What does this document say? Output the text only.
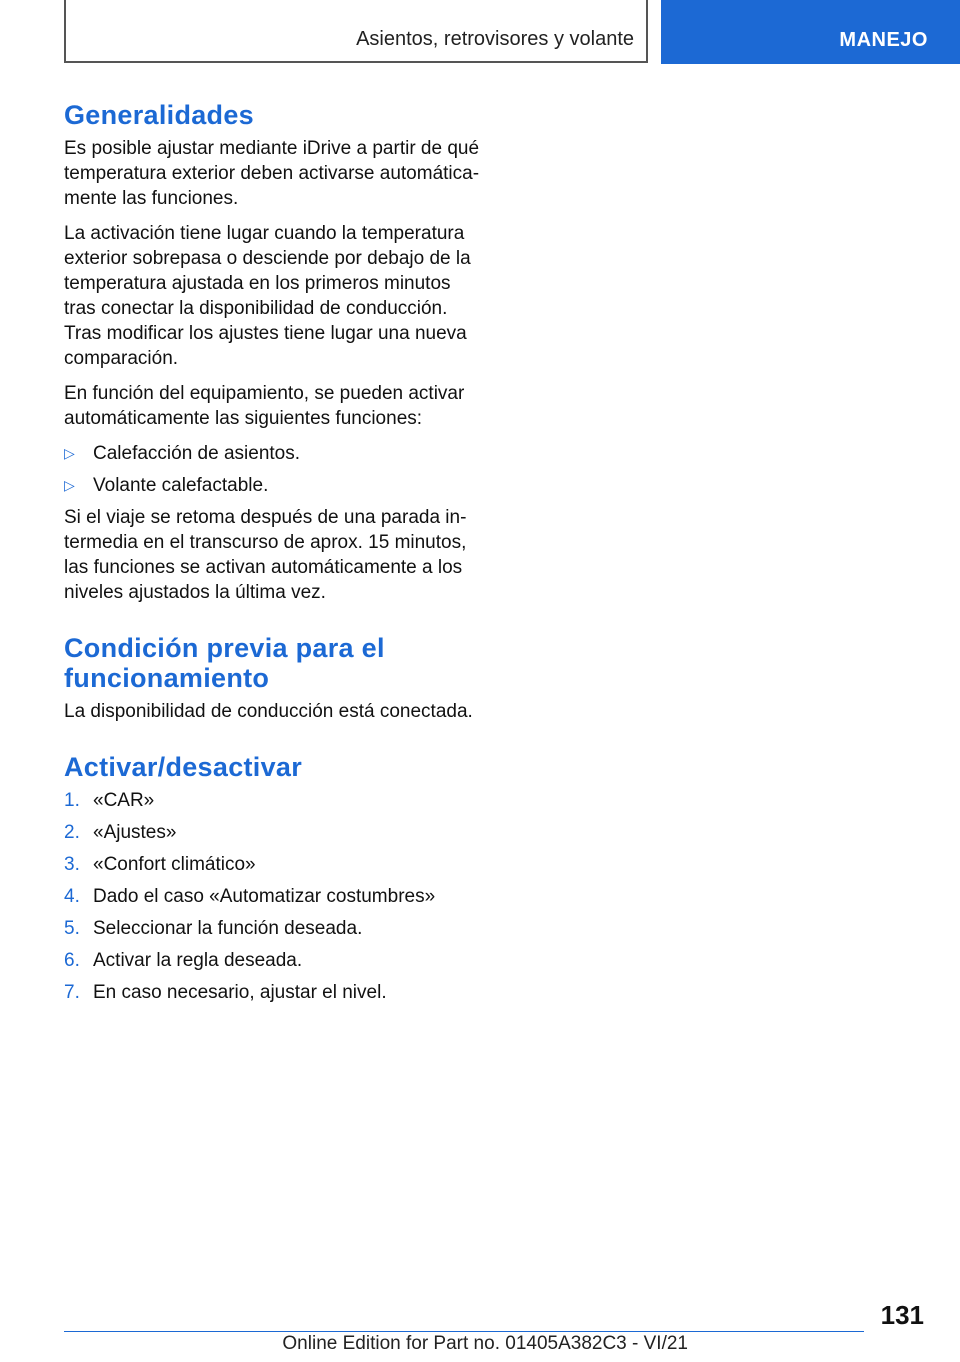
Asientos, retrovisores y volante	MANEJO
Generalidades

Es posible ajustar mediante iDrive a partir de qué temperatura exterior deben activarse automática-mente las funciones.

La activación tiene lugar cuando la temperatura exterior sobrepasa o desciende por debajo de la temperatura ajustada en los primeros minutos tras conectar la disponibilidad de conducción. Tras modificar los ajustes tiene lugar una nueva comparación.

En función del equipamiento, se pueden activar automáticamente las siguientes funciones:

▷ Calefacción de asientos.
▷ Volante calefactable.

Si el viaje se retoma después de una parada in-termedia en el transcurso de aprox. 15 minutos, las funciones se activan automáticamente a los niveles ajustados la última vez.

Condición previa para el funcionamiento

La disponibilidad de conducción está conectada.

Activar/desactivar
1. «CAR»
2. «Ajustes»
3. «Confort climático»
4. Dado el caso «Automatizar costumbres»
5. Seleccionar la función deseada.
6. Activar la regla deseada.
7. En caso necesario, ajustar el nivel.
131
Online Edition for Part no. 01405A382C3 - VI/21
